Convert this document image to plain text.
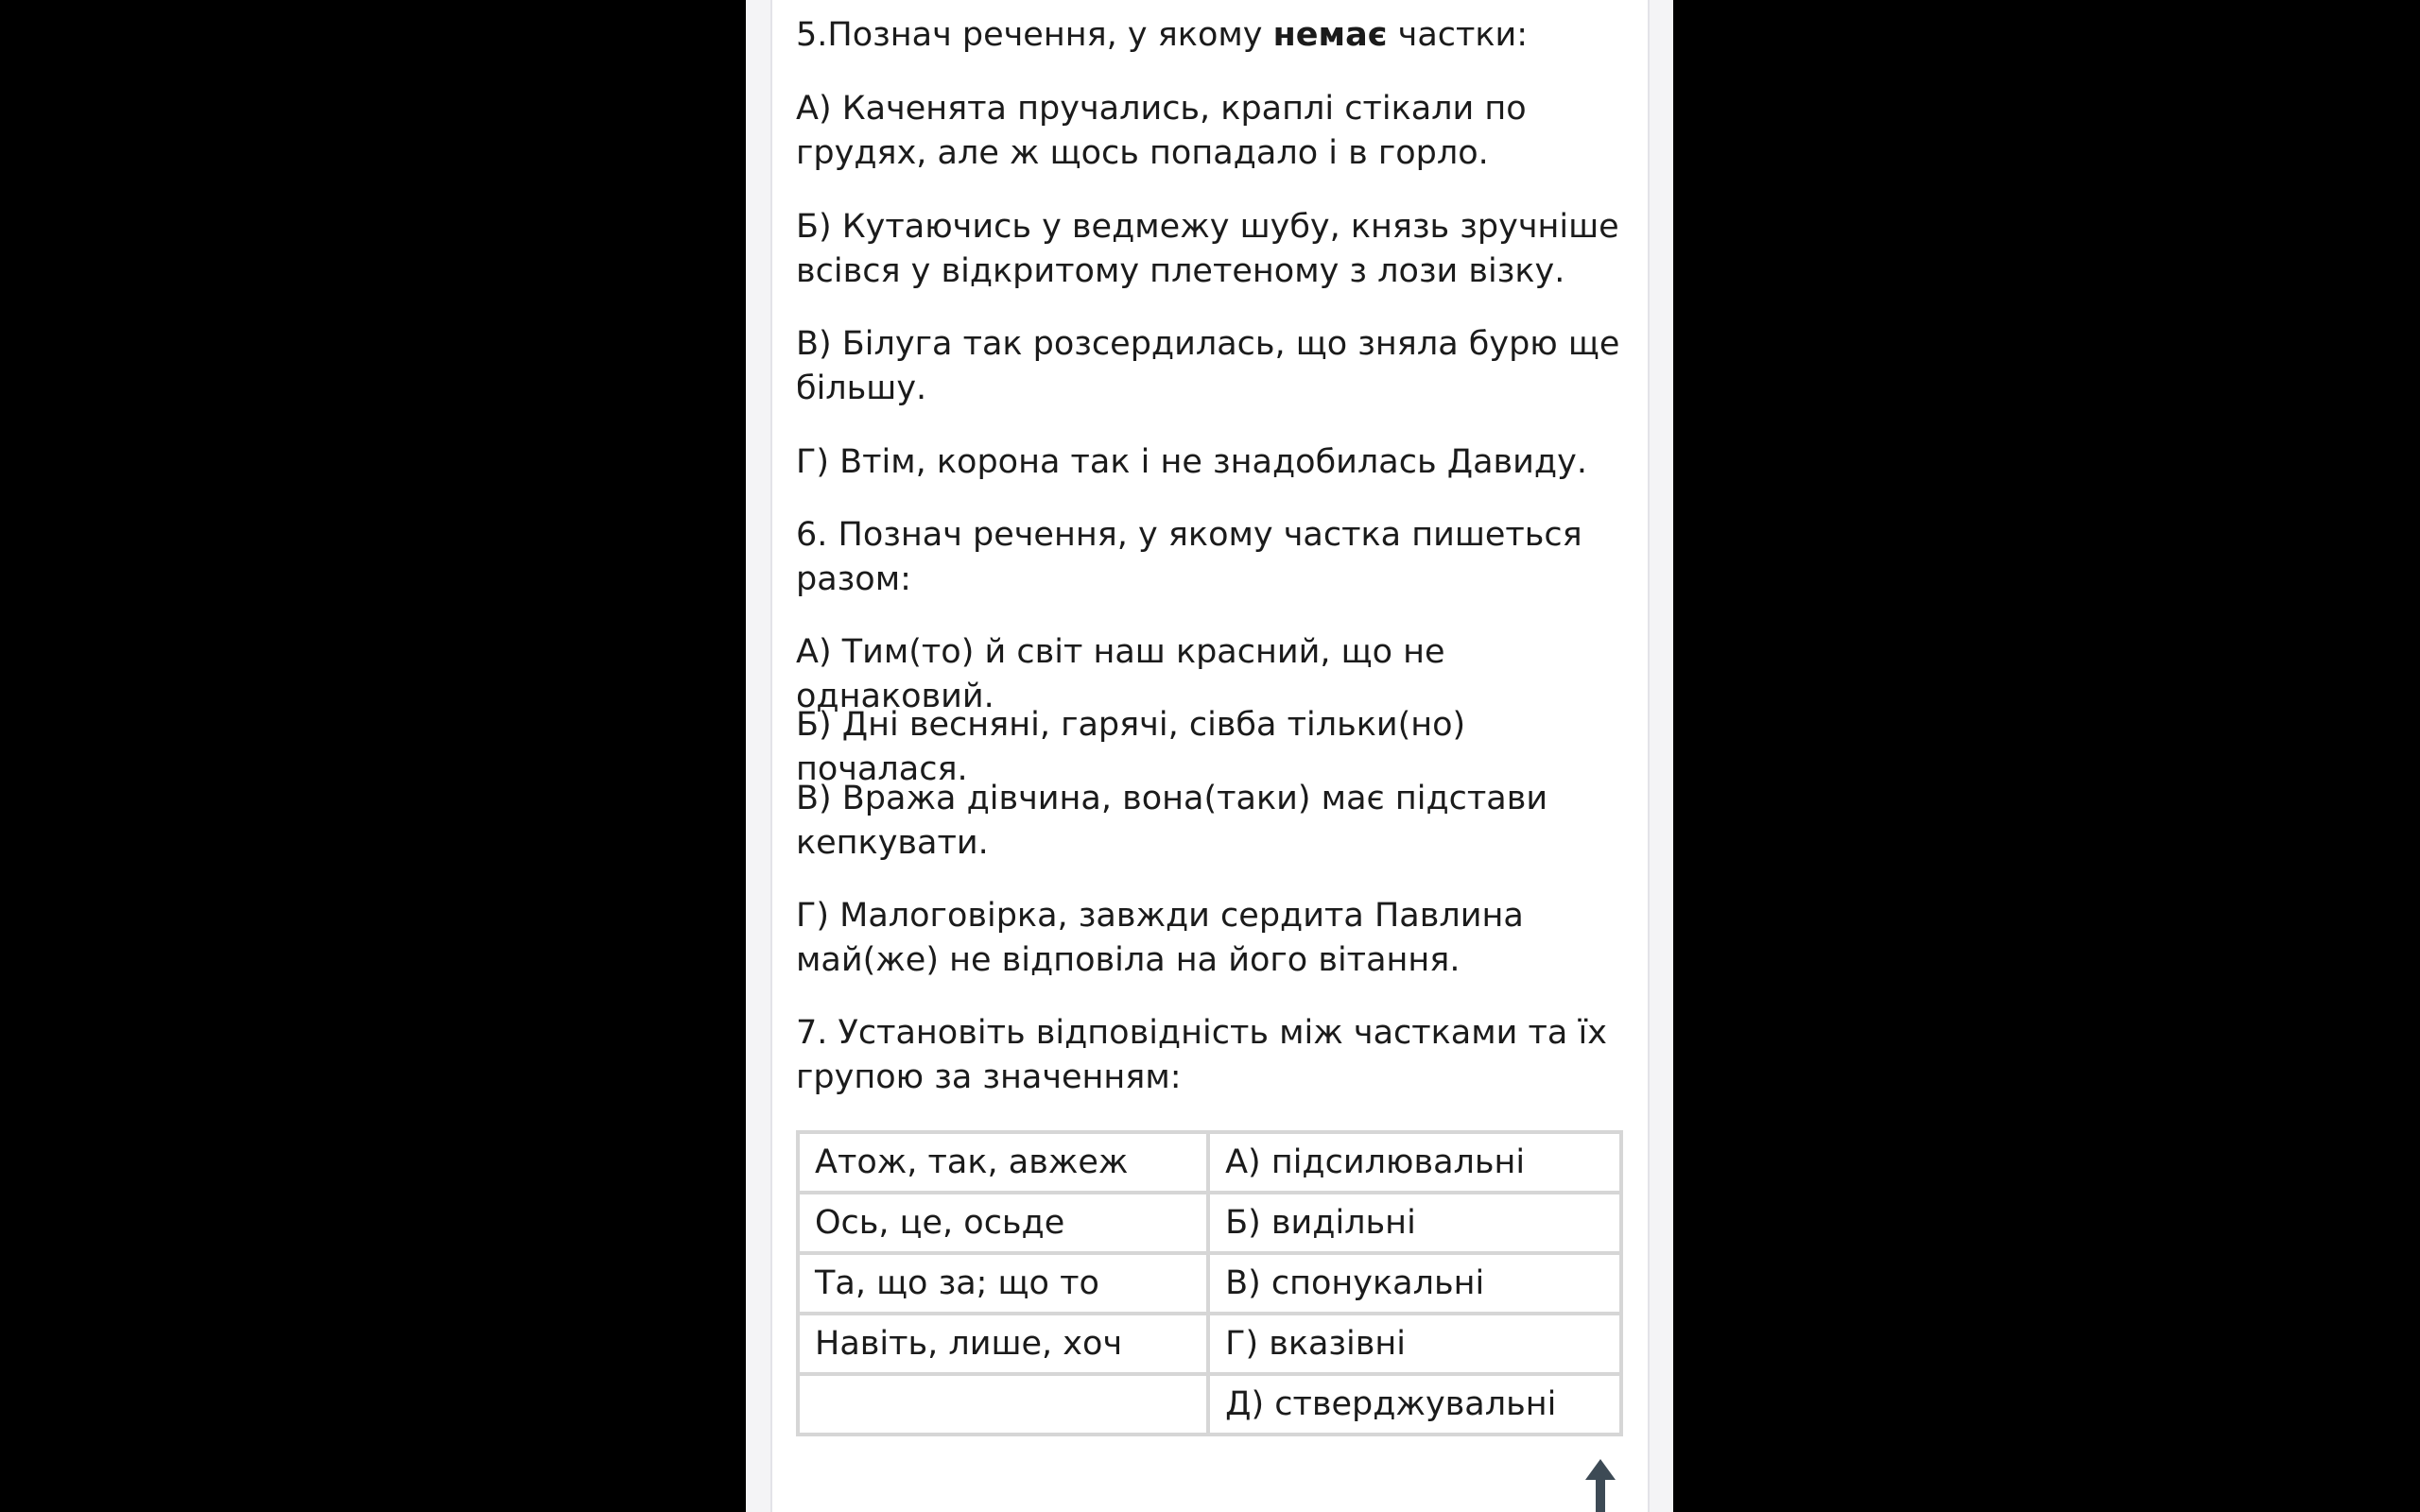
5.Познач речення, у якому немає частки:

А) Каченята пручались, краплі стікали по грудях, але ж щось попадало і в горло.

Б) Кутаючись у ведмежу шубу, князь зручніше всівся у відкритому плетеному з лози візку.

В) Білуга так розсердилась, що зняла бурю ще більшу.

Г) Втім, корона так і не знадобилась Давиду.

6. Познач речення, у якому частка пишеться разом:

А) Тим(то) й світ наш красний, що не однаковий.

Б) Дні весняні, гарячі, сівба тільки(но) почалася.

В) Вража дівчина, вона(таки) має підстави кепкувати.

Г) Малоговірка, завжди сердита Павлина май(же) не відповіла на його вітання.

7. Установіть відповідність між частками та їх групою за значенням:

Атож, так, авжеж	А) підсилювальні
Ось, це, осьде	Б) видільні
Та, що за; що то	В) спонукальні
Навіть, лише, хоч	Г) вказівні
	Д) стверджувальні
